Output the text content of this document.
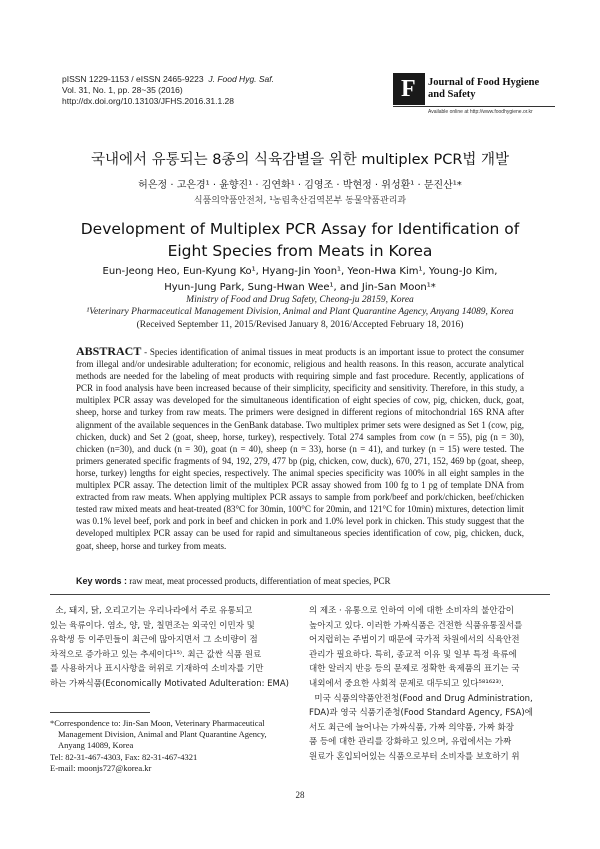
pISSN 1229-1153 / eISSN 2465-9223 J. Food Hyg. Saf.
Vol. 31, No. 1, pp. 28~35 (2016)
http://dx.doi.org/10.13103/JFHS.2016.31.1.28	F Journal of Food Hygiene
and Safety
Available online at http://www.foodhygiene.or.kr
국내에서 유통되는 8종의 식육감별을 위한 multiplex PCR법 개발
허은정 · 고은경¹ · 윤향진¹ · 김연화¹ · 김영조 · 박현정 · 위성환¹ · 문진산¹*
식품의약품안전처, ¹농림축산검역본부 동물약품관리과
Development of Multiplex PCR Assay for Identification of
Eight Species from Meats in Korea
Eun-Jeong Heo, Eun-Kyung Ko¹, Hyang-Jin Yoon¹, Yeon-Hwa Kim¹, Young-Jo Kim,
Hyun-Jung Park, Sung-Hwan Wee¹, and Jin-San Moon¹*
Ministry of Food and Drug Safety, Cheong-ju 28159, Korea
¹Veterinary Pharmaceutical Management Division, Animal and Plant Quarantine Agency, Anyang 14089, Korea
(Received September 11, 2015/Revised January 8, 2016/Accepted February 18, 2016)
ABSTRACT - Species identification of animal tissues in meat products is an important issue to protect the consumer from illegal and/or undesirable adulteration; for economic, religious and health reasons. In this reason, accurate analytical methods are needed for the labeling of meat products with requiring simple and fast procedure. Recently, applications of PCR in food analysis have been increased because of their simplicity, specificity and sensitivity. Therefore, in this study, a multiplex PCR assay was developed for the simultaneous identification of eight species of cow, pig, chicken, duck, goat, sheep, horse and turkey from raw meats. The primers were designed in different regions of mitochondrial 16S RNA after alignment of the available sequences in the GenBank database. Two multiplex primer sets were designed as Set 1 (cow, pig, chicken, duck) and Set 2 (goat, sheep, horse, turkey), respectively. Total 274 samples from cow (n = 55), pig (n = 30), chicken (n=30), and duck (n = 30), goat (n = 40), sheep (n = 33), horse (n = 41), and turkey (n = 15) were tested. The primers generated specific fragments of 94, 192, 279, 477 bp (pig, chicken, cow, duck), 670, 271, 152, 469 bp (goat, sheep, horse, turkey) lengths for eight species, respectively. The animal species specificity was 100% in all eight samples in the multiplex PCR assay. The detection limit of the multiplex PCR assay showed from 100 fg to 1 pg of template DNA from extracted from raw meats. When applying multiplex PCR assays to sample from pork/beef and pork/chicken, beef/chicken tested raw mixed meats and heat-treated (83°C for 30min, 100°C for 20min, and 121°C for 10min) mixtures, detection limit was 0.1% level beef, pork and pork in beef and chicken in pork and 1.0% level pork in chicken. This study suggest that the developed multiplex PCR assay can be used for rapid and simultaneous species identification of cow, pig, chicken, duck, goat, sheep, horse and turkey from meats.
Key words : raw meat, meat processed products, differentiation of meat species, PCR
소, 돼지, 닭, 오리고기는 우리나라에서 주로 유통되고
있는 육류이다. 염소, 양, 말, 칠면조는 외국인 이민자 및
유학생 등 이주민들이 최근에 많아지면서 그 소비량이 점
차적으로 증가하고 있는 추세이다¹⁵⁾. 최근 값싼 식품 원료
를 사용하거나 표시사항을 허위로 기재하여 소비자를 기만
하는 가짜식품(Economically Motivated Adulteration: EMA)
의 제조 · 유통으로 인하여 이에 대한 소비자의 불안감이
높아지고 있다. 이러한 가짜식품은 건전한 식품유통질서를
어지럽히는 주범이기 때문에 국가적 차원에서의 식육안전
관리가 필요하다. 특히, 종교적 이유 및 일부 특정 육류에
대한 알러지 반응 등의 문제로 정확한 육제품의 표기는 국
내외에서 중요한 사회적 문제로 대두되고 있다⁵⁸¹⁶²³⁾.
미국 식품의약품안전청(Food and Drug Administration,
FDA)과 영국 식품기준청(Food Standard Agency, FSA)에
서도 최근에 늘어나는 가짜식품, 가짜 의약품, 가짜 화장
품 등에 대한 관리를 강화하고 있으며, 유럽에서는 가짜
원료가 혼입되어있는 식품으로부터 소비자를 보호하기 위
*Correspondence to: Jin-San Moon, Veterinary Pharmaceutical
Management Division, Animal and Plant Quarantine Agency,
Anyang 14089, Korea
Tel: 82-31-467-4303, Fax: 82-31-467-4321
E-mail: moonjs727@korea.kr
28
